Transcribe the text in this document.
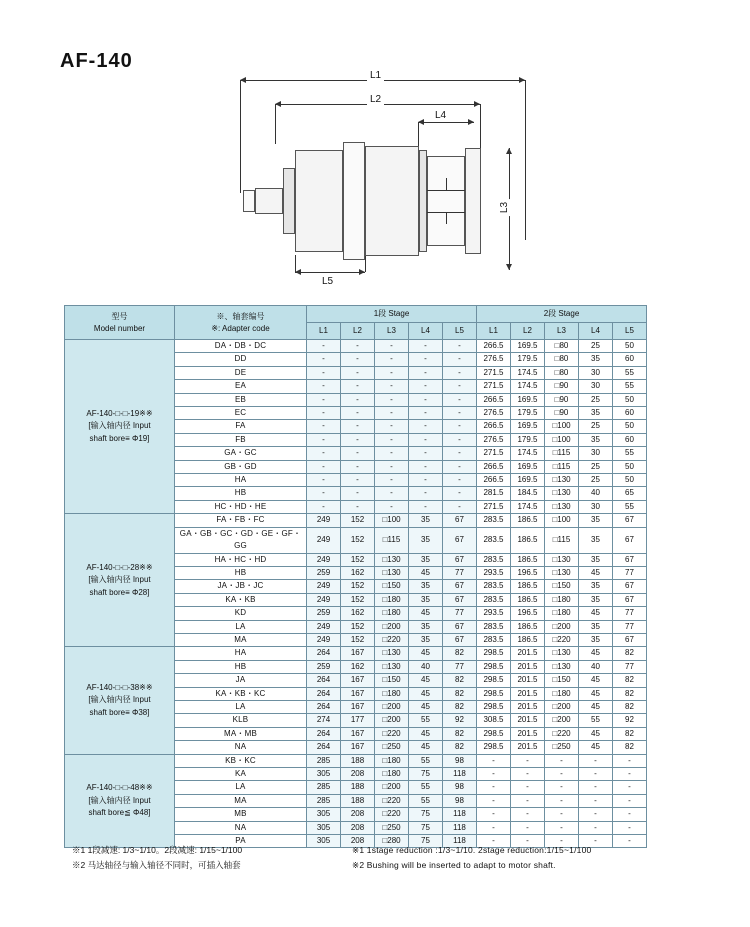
AF-140
L1
L2
L4
L3
L5
型号
Model number

※、轴套编号
※: Adapter code
	1段 Stage	2段 Stage
		L1	L2	L3	L4	L5	L1	L2	L3	L4	L5

AF-140-□-□-19※※
[输入轴内径 Input
shaft bore≡ Φ19]	DA・DB・DC	-	-	-	-	-	266.5	169.5	□80	25	50
	DD	-	-	-	-	-	276.5	179.5	□80	35	60
	DE	-	-	-	-	-	271.5	174.5	□80	30	55
	EA	-	-	-	-	-	271.5	174.5	□90	30	55
	EB	-	-	-	-	-	266.5	169.5	□90	25	50
	EC	-	-	-	-	-	276.5	179.5	□90	35	60
	FA	-	-	-	-	-	266.5	169.5	□100	25	50
	FB	-	-	-	-	-	276.5	179.5	□100	35	60
	GA・GC	-	-	-	-	-	271.5	174.5	□115	30	55
	GB・GD	-	-	-	-	-	266.5	169.5	□115	25	50
	HA	-	-	-	-	-	266.5	169.5	□130	25	50
	HB	-	-	-	-	-	281.5	184.5	□130	40	65
	HC・HD・HE	-	-	-	-	-	271.5	174.5	□130	30	55

AF-140-□-□-28※※
[输入轴内径 Input
shaft bore≡ Φ28]	FA・FB・FC	249	152	□100	35	67	283.5	186.5	□100	35	67
	GA・GB・GC・GD・GE・GF・GG	249	152	□115	35	67	283.5	186.5	□115	35	67
	HA・HC・HD	249	152	□130	35	67	283.5	186.5	□130	35	67
	HB	259	162	□130	45	77	293.5	196.5	□130	45	77
	JA・JB・JC	249	152	□150	35	67	283.5	186.5	□150	35	67
	KA・KB	249	152	□180	35	67	283.5	186.5	□180	35	67
	KD	259	162	□180	45	77	293.5	196.5	□180	45	77
	LA	249	152	□200	35	67	283.5	186.5	□200	35	77
	MA	249	152	□220	35	67	283.5	186.5	□220	35	67

AF-140-□-□-38※※
[输入轴内径 Input
shaft bore≡ Φ38]	HA	264	167	□130	45	82	298.5	201.5	□130	45	82
	HB	259	162	□130	40	77	298.5	201.5	□130	40	77
	JA	264	167	□150	45	82	298.5	201.5	□150	45	82
	KA・KB・KC	264	167	□180	45	82	298.5	201.5	□180	45	82
	LA	264	167	□200	45	82	298.5	201.5	□200	45	82
	KLB	274	177	□200	55	92	308.5	201.5	□200	55	92
	MA・MB	264	167	□220	45	82	298.5	201.5	□220	45	82
	NA	264	167	□250	45	82	298.5	201.5	□250	45	82

AF-140-□-□-48※※
[输入轴内径 Input
shaft bore≦ Φ48]	KB・KC	285	188	□180	55	98	-	-	-	-	-
	KA	305	208	□180	75	118	-	-	-	-	-
	LA	285	188	□200	55	98	-	-	-	-	-
	MA	285	188	□220	55	98	-	-	-	-	-
	MB	305	208	□220	75	118	-	-	-	-	-
	NA	305	208	□250	75	118	-	-	-	-	-
	PA	305	208	□280	75	118	-	-	-	-	-
※1 1段减速: 1/3~1/10。2段减速: 1/15~1/100
※2 马达轴径与输入轴径不同时，可插入轴套
※1 1stage reduction :1/3~1/10. 2stage reduction:1/15~1/100
※2 Bushing will be inserted to adapt to motor shaft.
